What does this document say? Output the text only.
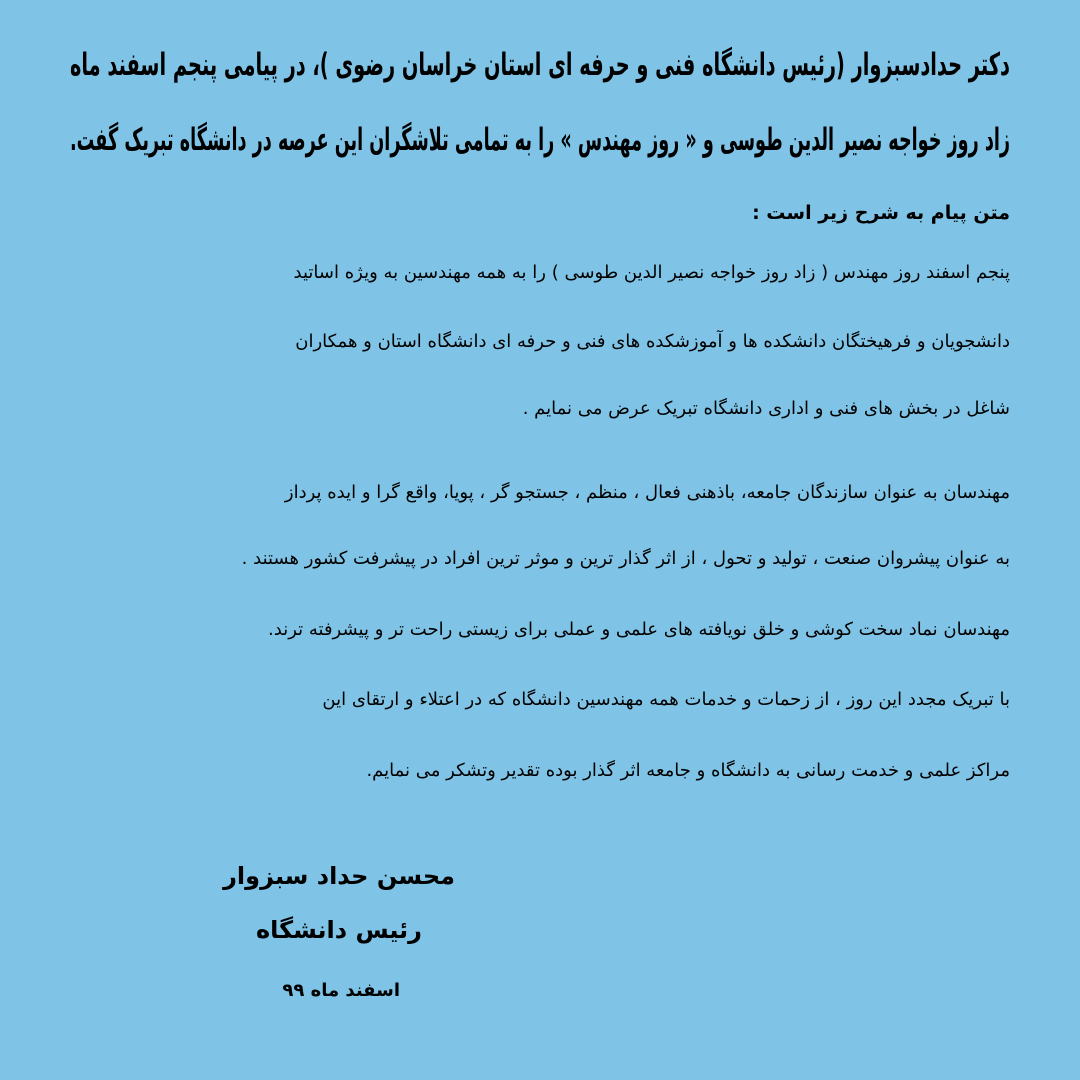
دکتر حدادسبزوار (رئیس دانشگاه فنی و حرفه ای استان خراسان رضوی )، در پیامی پنجم اسفند ماه
زاد روز خواجه نصیر الدین طوسی و « روز مهندس » را به تمامی تلاشگران این عرصه در دانشگاه تبریک گفت.
متن پیام به شرح زیر است :
پنجم اسفند روز مهندس ( زاد روز خواجه نصیر الدین طوسی ) را به همه مهندسین به ویژه اساتید
دانشجویان و فرهیختگان دانشکده ها و آموزشکده های فنی و حرفه ای دانشگاه استان و همکاران
شاغل در بخش های فنی و اداری دانشگاه تبریک عرض می نمایم .
مهندسان به عنوان سازندگان جامعه، باذهنی فعال ، منظم ، جستجو گر ، پویا، واقع گرا و ایده پرداز
به عنوان پیشروان صنعت ، تولید و تحول ، از اثر گذار ترین و موثر ترین افراد در پیشرفت کشور هستند .
مهندسان نماد سخت کوشی و خلق نویافته های علمی و عملی برای زیستی راحت تر و پیشرفته ترند.
با تبریک مجدد این روز ، از زحمات و خدمات همه مهندسین دانشگاه که در اعتلاء و ارتقای این
مراکز علمی و خدمت رسانی به دانشگاه و جامعه اثر گذار بوده تقدیر وتشکر می نمایم.
محسن حداد سبزوار
رئیس دانشگاه
اسفند ماه ۹۹
